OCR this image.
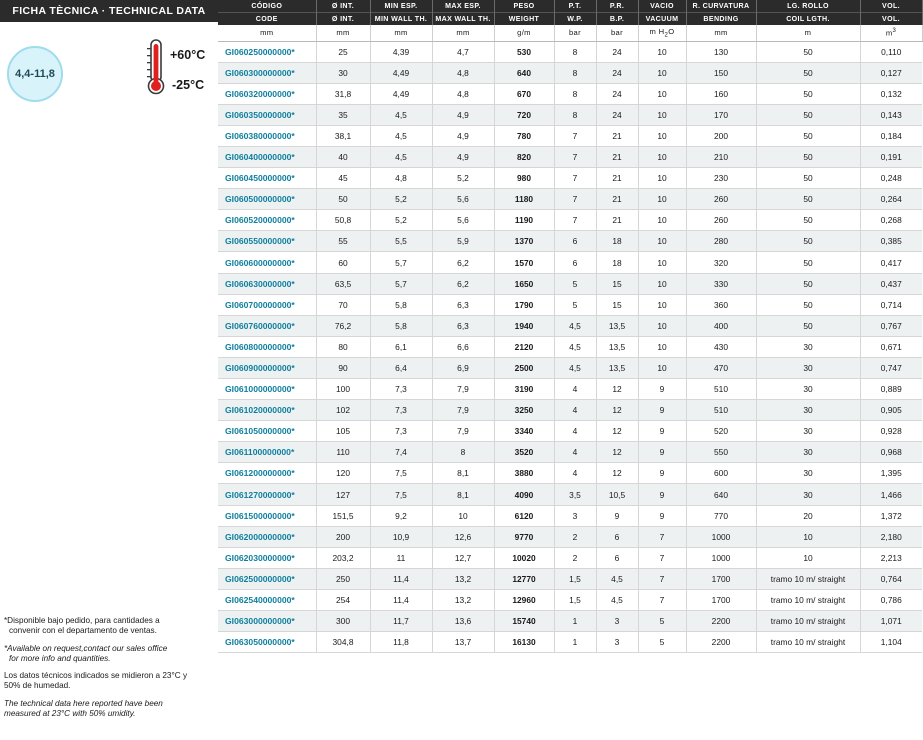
FICHA TÈCNICA · TECHNICAL DATA
4,4-11,8
+60°C
-25°C
*Disponible bajo pedido, para cantidades a
convenir con el departamento de ventas.
*Available on request,contact our sales office
for more info and quantities.
Los datos técnicos indicados se midieron a 23°C y
50% de humedad.
The technical data here reported have been
measured at 23°C with 50% umidity.
CÓDIGO	Ø INT.	MIN ESP.	MAX ESP.	PESO	P.T.	P.R.	VACIO	R. CURVATURA	LG. ROLLO	VOL.
CODE	Ø INT.	MIN WALL TH.	MAX WALL TH.	WEIGHT	W.P.	B.P.	VACUUM	BENDING	COIL LGTH.	VOL.
mm	mm	mm	mm	g/m	bar	bar	m $H_2O$	mm	m	$m^3$
GI060250000000*	25	4,39	4,7	530	8	24	10	130	50	0,110
GI060300000000*	30	4,49	4,8	640	8	24	10	150	50	0,127
GI060320000000*	31,8	4,49	4,8	670	8	24	10	160	50	0,132
GI060350000000*	35	4,5	4,9	720	8	24	10	170	50	0,143
GI060380000000*	38,1	4,5	4,9	780	7	21	10	200	50	0,184
GI060400000000*	40	4,5	4,9	820	7	21	10	210	50	0,191
GI060450000000*	45	4,8	5,2	980	7	21	10	230	50	0,248
GI060500000000*	50	5,2	5,6	1180	7	21	10	260	50	0,264
GI060520000000*	50,8	5,2	5,6	1190	7	21	10	260	50	0,268
GI060550000000*	55	5,5	5,9	1370	6	18	10	280	50	0,385
GI060600000000*	60	5,7	6,2	1570	6	18	10	320	50	0,417
GI060630000000*	63,5	5,7	6,2	1650	5	15	10	330	50	0,437
GI060700000000*	70	5,8	6,3	1790	5	15	10	360	50	0,714
GI060760000000*	76,2	5,8	6,3	1940	4,5	13,5	10	400	50	0,767
GI060800000000*	80	6,1	6,6	2120	4,5	13,5	10	430	30	0,671
GI060900000000*	90	6,4	6,9	2500	4,5	13,5	10	470	30	0,747
GI061000000000*	100	7,3	7,9	3190	4	12	9	510	30	0,889
GI061020000000*	102	7,3	7,9	3250	4	12	9	510	30	0,905
GI061050000000*	105	7,3	7,9	3340	4	12	9	520	30	0,928
GI061100000000*	110	7,4	8	3520	4	12	9	550	30	0,968
GI061200000000*	120	7,5	8,1	3880	4	12	9	600	30	1,395
GI061270000000*	127	7,5	8,1	4090	3,5	10,5	9	640	30	1,466
GI061500000000*	151,5	9,2	10	6120	3	9	9	770	20	1,372
GI062000000000*	200	10,9	12,6	9770	2	6	7	1000	10	2,180
GI062030000000*	203,2	11	12,7	10020	2	6	7	1000	10	2,213
GI062500000000*	250	11,4	13,2	12770	1,5	4,5	7	1700	tramo 10 m/ straight	0,764
GI062540000000*	254	11,4	13,2	12960	1,5	4,5	7	1700	tramo 10 m/ straight	0,786
GI063000000000*	300	11,7	13,6	15740	1	3	5	2200	tramo 10 m/ straight	1,071
GI063050000000*	304,8	11,8	13,7	16130	1	3	5	2200	tramo 10 m/ straight	1,104
